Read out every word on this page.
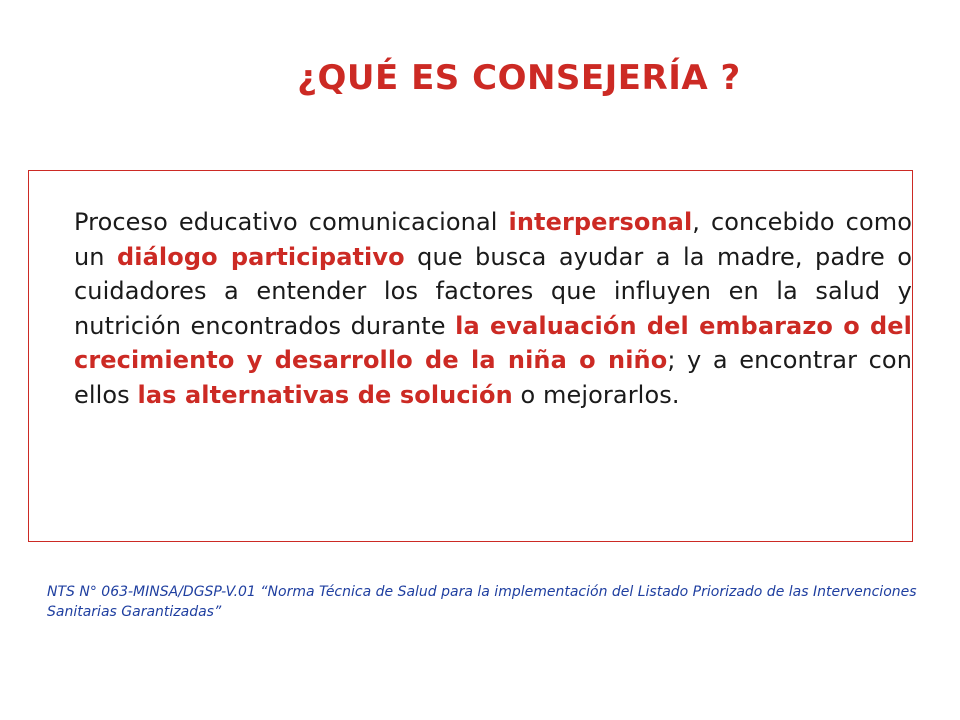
¿QUÉ ES CONSEJERÍA ?
Proceso educativo comunicacional interpersonal, concebido como un diálogo participativo que busca ayudar a la madre, padre o cuidadores a entender los factores que influyen en la salud y nutrición encontrados durante la evaluación del embarazo o del crecimiento y desarrollo de la niña o niño; y a encontrar con ellos las alternativas de solución o mejorarlos.
NTS N° 063-MINSA/DGSP-V.01 “Norma Técnica de Salud para la implementación del Listado Priorizado de las Intervenciones Sanitarias Garantizadas”
